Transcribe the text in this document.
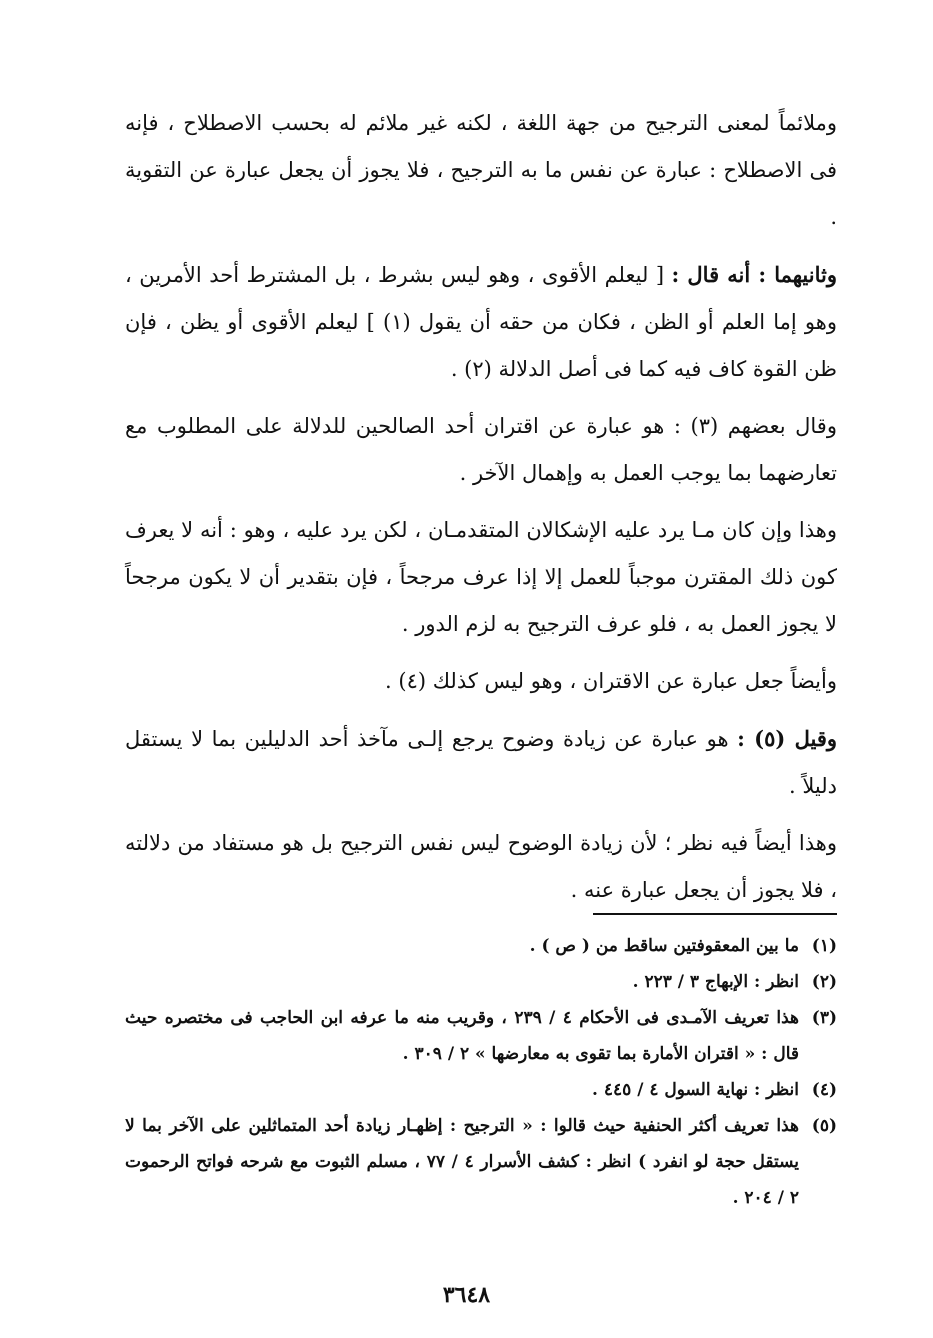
وملائماً لمعنى الترجيح من جهة اللغة ، لكنه غير ملائم له بحسب الاصطلاح ، فإنه فى الاصطلاح : عبارة عن نفس ما به الترجيح ، فلا يجوز أن يجعل عبارة عن التقوية .

وثانيهما : أنه قال : [ ليعلم الأقوى ، وهو ليس بشرط ، بل المشترط أحد الأمرين ، وهو إما العلم أو الظن ، فكان من حقه أن يقول (١) ] ليعلم الأقوى أو يظن ، فإن ظن القوة كاف فيه كما فى أصل الدلالة (٢) .

وقال بعضهم (٣) : هو عبارة عن اقتران أحد الصالحين للدلالة على المطلوب مع تعارضهما بما يوجب العمل به وإهمال الآخر .

وهذا وإن كان مـا يرد عليه الإشكالان المتقدمـان ، لكن يرد عليه ، وهو : أنه لا يعرف كون ذلك المقترن موجباً للعمل إلا إذا عرف مرجحاً ، فإن بتقدير أن لا يكون مرجحاً لا يجوز العمل به ، فلو عرف الترجيح به لزم الدور .

وأيضاً جعل عبارة عن الاقتران ، وهو ليس كذلك (٤) .

وقيل (٥) : هو عبارة عن زيادة وضوح يرجع إلـى مآخذ أحد الدليلين بما لا يستقل دليلاً .

وهذا أيضاً فيه نظر ؛ لأن زيادة الوضوح ليس نفس الترجيح بل هو مستفاد من دلالته ، فلا يجوز أن يجعل عبارة عنه .

(١)
ما بين المعقوفتين ساقط من ( ص ) .
(٢)
انظر : الإبهاج ٣ / ٢٢٣ .
(٣)
هذا تعريف الآمـدى فى الأحكام ٤ / ٢٣٩ ، وقريب منه ما عرفه ابن الحاجب فى مختصره حيث قال : « اقتران الأمارة بما تقوى به معارضها » ٢ / ٣٠٩ .
(٤)
انظر : نهاية السول ٤ / ٤٤٥ .
(٥)
هذا تعريف أكثر الحنفية حيث قالوا : « الترجيح : إظهـار زيادة أحد المتماثلين على الآخر بما لا يستقل حجة لو انفرد ) انظر : كشف الأسرار ٤ / ٧٧ ، مسلم الثبوت مع شرحه فواتح الرحموت ٢ / ٢٠٤ .
٣٦٤٨
